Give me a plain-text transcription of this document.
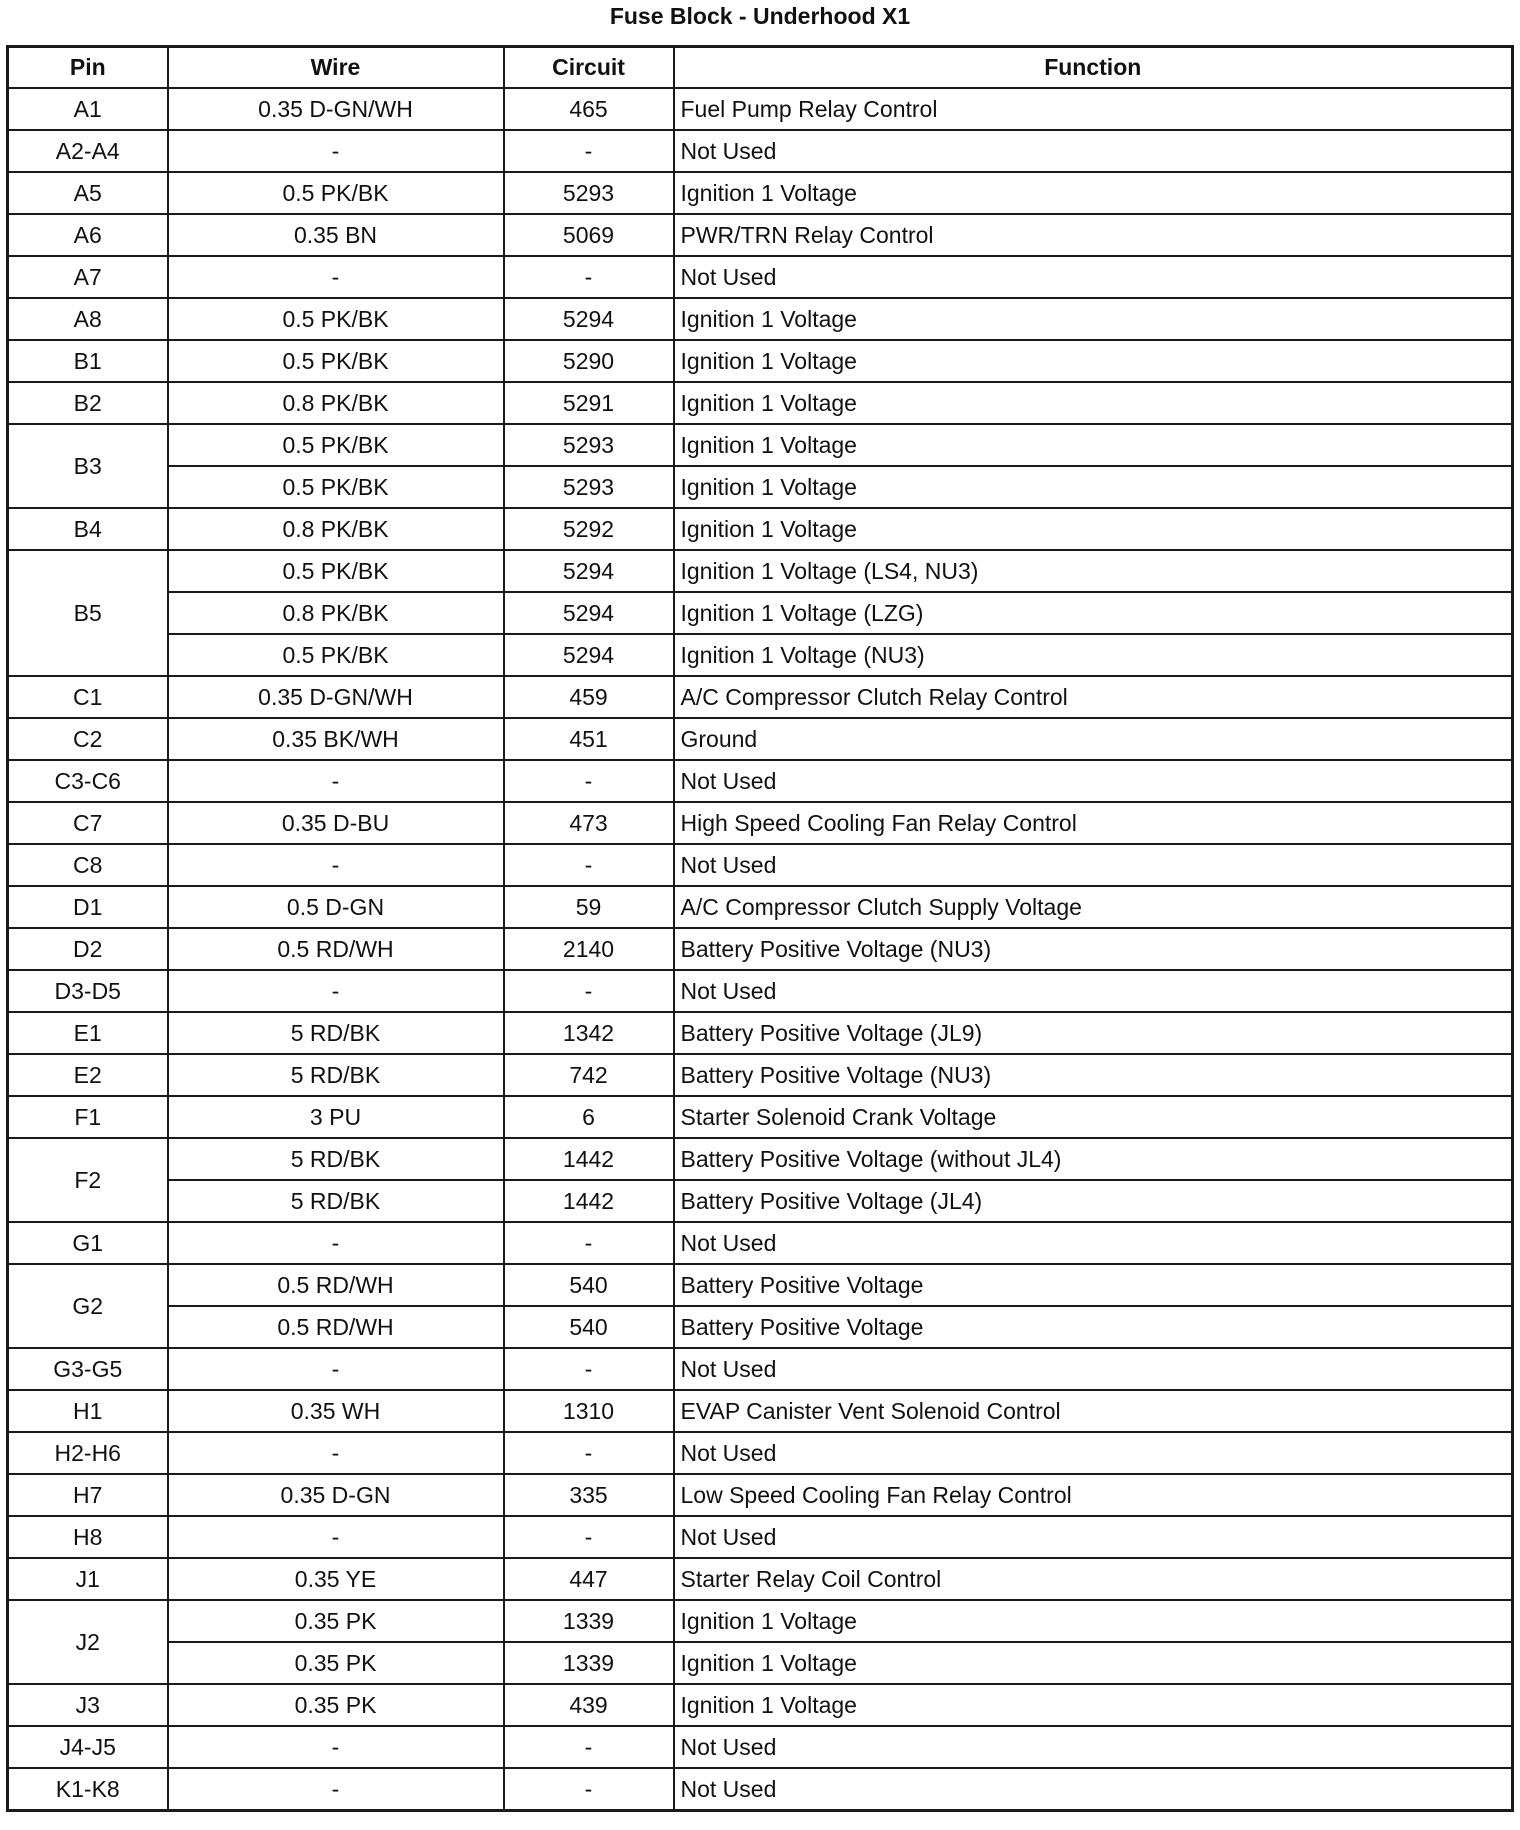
Fuse Block - Underhood X1
Pin	Wire	Circuit	Function
A1	0.35 D-GN/WH	465	Fuel Pump Relay Control
A2-A4	-	-	Not Used
A5	0.5 PK/BK	5293	Ignition 1 Voltage
A6	0.35 BN	5069	PWR/TRN Relay Control
A7	-	-	Not Used
A8	0.5 PK/BK	5294	Ignition 1 Voltage
B1	0.5 PK/BK	5290	Ignition 1 Voltage
B2	0.8 PK/BK	5291	Ignition 1 Voltage
B3	0.5 PK/BK	5293	Ignition 1 Voltage
	0.5 PK/BK	5293	Ignition 1 Voltage
B4	0.8 PK/BK	5292	Ignition 1 Voltage
B5	0.5 PK/BK	5294	Ignition 1 Voltage (LS4, NU3)
	0.8 PK/BK	5294	Ignition 1 Voltage (LZG)
	0.5 PK/BK	5294	Ignition 1 Voltage (NU3)
C1	0.35 D-GN/WH	459	A/C Compressor Clutch Relay Control
C2	0.35 BK/WH	451	Ground
C3-C6	-	-	Not Used
C7	0.35 D-BU	473	High Speed Cooling Fan Relay Control
C8	-	-	Not Used
D1	0.5 D-GN	59	A/C Compressor Clutch Supply Voltage
D2	0.5 RD/WH	2140	Battery Positive Voltage (NU3)
D3-D5	-	-	Not Used
E1	5 RD/BK	1342	Battery Positive Voltage (JL9)
E2	5 RD/BK	742	Battery Positive Voltage (NU3)
F1	3 PU	6	Starter Solenoid Crank Voltage
F2	5 RD/BK	1442	Battery Positive Voltage (without JL4)
	5 RD/BK	1442	Battery Positive Voltage (JL4)
G1	-	-	Not Used
G2	0.5 RD/WH	540	Battery Positive Voltage
	0.5 RD/WH	540	Battery Positive Voltage
G3-G5	-	-	Not Used
H1	0.35 WH	1310	EVAP Canister Vent Solenoid Control
H2-H6	-	-	Not Used
H7	0.35 D-GN	335	Low Speed Cooling Fan Relay Control
H8	-	-	Not Used
J1	0.35 YE	447	Starter Relay Coil Control
J2	0.35 PK	1339	Ignition 1 Voltage
	0.35 PK	1339	Ignition 1 Voltage
J3	0.35 PK	439	Ignition 1 Voltage
J4-J5	-	-	Not Used
K1-K8	-	-	Not Used
